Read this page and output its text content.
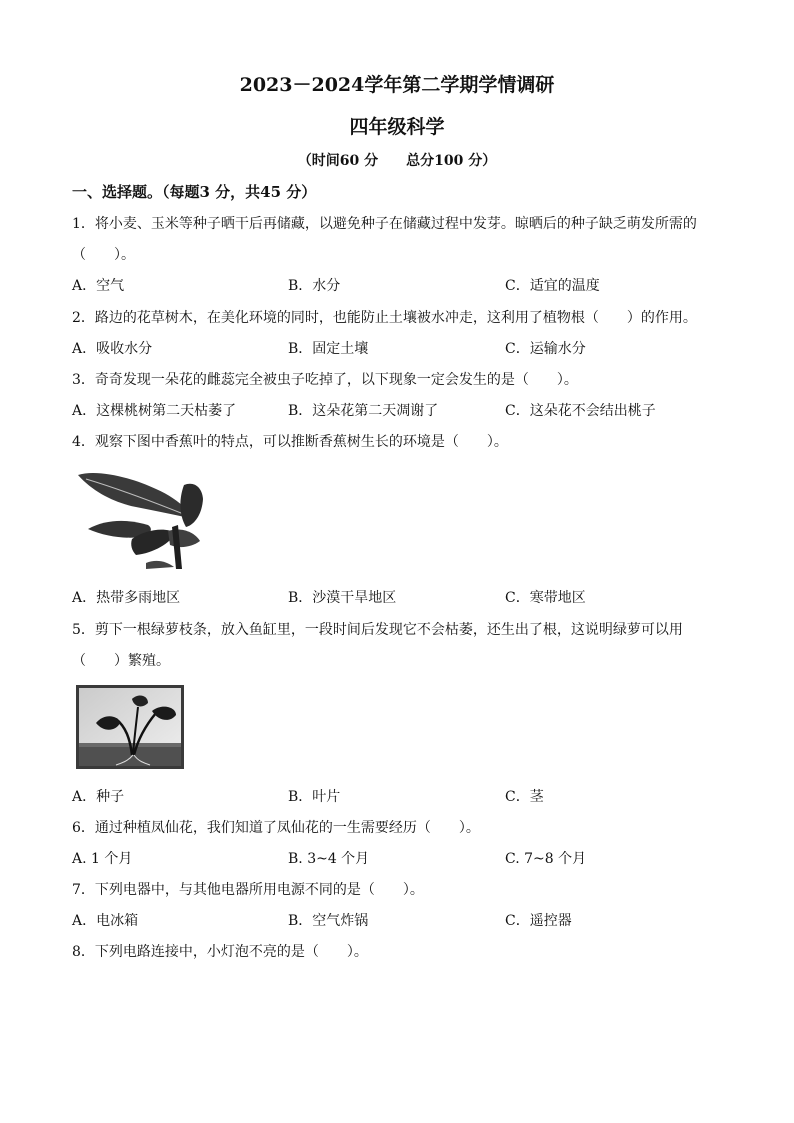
2023－2024学年第二学期学情调研
四年级科学
（时间60 分　　总分100 分）
一、选择题。（每题3 分，共45 分）
1．将小麦、玉米等种子晒干后再储藏，以避免种子在储藏过程中发芽。晾晒后的种子缺乏萌发所需的
（　　）。
A．空气	B．水分	C．适宜的温度
2．路边的花草树木，在美化环境的同时，也能防止土壤被水冲走，这利用了植物根（　　）的作用。
A．吸收水分	B．固定土壤	C．运输水分
3．奇奇发现一朵花的雌蕊完全被虫子吃掉了，以下现象一定会发生的是（　　）。
A．这棵桃树第二天枯萎了	B．这朵花第二天凋谢了	C．这朵花不会结出桃子
4．观察下图中香蕉叶的特点，可以推断香蕉树生长的环境是（　　）。
A．热带多雨地区	B．沙漠干旱地区	C．寒带地区
5．剪下一根绿萝枝条，放入鱼缸里，一段时间后发现它不会枯萎，还生出了根，这说明绿萝可以用
（　　）繁殖。
A．种子	B．叶片	C．茎
6．通过种植凤仙花，我们知道了凤仙花的一生需要经历（　　）。
A. 1 个月	B. 3~4 个月	C. 7~8 个月
7．下列电器中，与其他电器所用电源不同的是（　　）。
A．电冰箱	B．空气炸锅	C．遥控器
8．下列电路连接中，小灯泡不亮的是（　　）。
